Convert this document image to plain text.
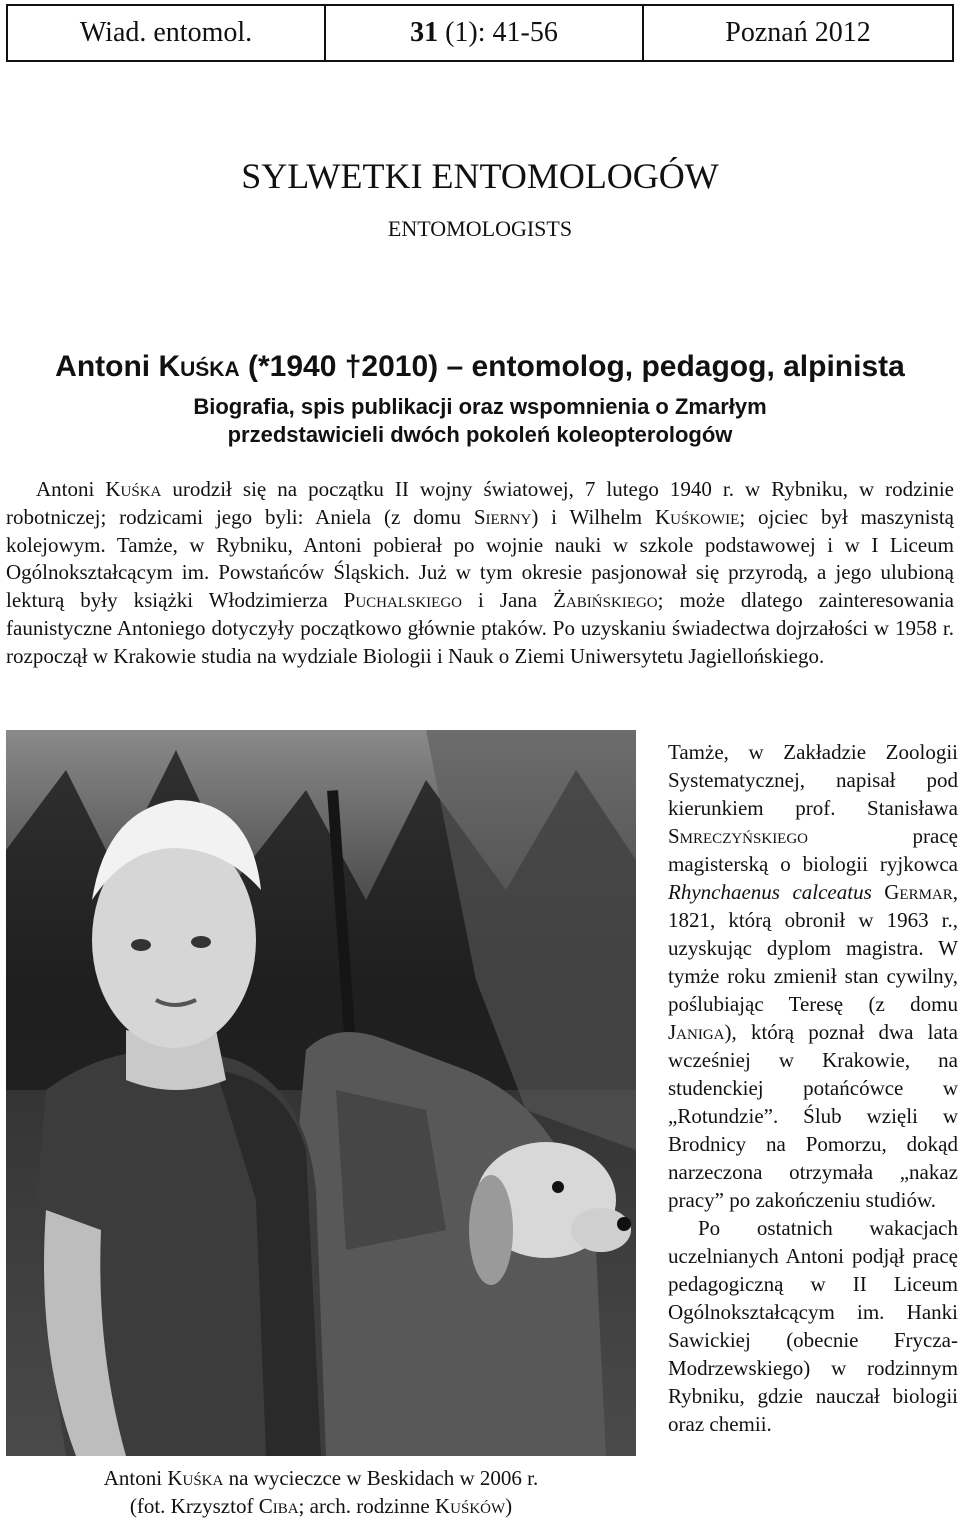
Wiad. entomol.	31
(1): 41-56	Poznań 2012
SYLWETKI ENTOMOLOGÓW
ENTOMOLOGISTS
Antoni Kuśka (*1940 †2010) – entomolog, pedagog, alpinista
Biografia, spis publikacji oraz wspomnienia o Zmarłym
przedstawicieli dwóch pokoleń koleopterologów

Antoni Kuśka urodził się na początku II wojny światowej, 7 lutego 1940 r. w Rybniku, w rodzinie robotniczej; rodzicami jego byli: Aniela (z domu Sierny) i Wilhelm Kuśkowie; ojciec był maszynistą kolejowym. Tamże, w Rybniku, Antoni pobierał po wojnie nauki w szkole podstawowej i w I Liceum Ogólnokształcącym im. Powstańców Śląskich. Już w tym okresie pasjonował się przyrodą, a jego ulubioną lekturą były książki Włodzimierza Puchalskiego i Jana Żabińskiego; może dlatego zainteresowania faunistyczne Antoniego dotyczyły początkowo głównie ptaków. Po uzyskaniu świadectwa dojrzałości w 1958 r. rozpoczął w Krakowie studia na wydziale Biologii i Nauk o Ziemi Uniwersytetu Jagiellońskiego.

Antoni Kuśka na wycieczce w Beskidach w 2006 r.
(fot. Krzysztof Ciba; arch. rodzinne Kuśków)

Tamże, w Zakładzie Zoologii Systematycznej, napisał pod kierunkiem prof. Stanisława Smreczyńskiego pracę magisterską o biologii ryjkowca Rhynchaenus calceatus Germar, 1821, którą obronił w 1963 r., uzyskując dyplom magistra. W tymże roku zmienił stan cywilny, poślubiając Teresę (z domu Janiga), którą poznał dwa lata wcześniej w Krakowie, na studenckiej potańcówce w „Rotundzie”. Ślub wzięli w Brodnicy na Pomorzu, dokąd narzeczona otrzymała „nakaz pracy” po zakończeniu studiów.

Po ostatnich wakacjach uczelnianych Antoni podjął pracę pedagogiczną w II Liceum Ogólnokształcącym im. Hanki Sawickiej (obecnie Frycza-Modrzewskiego) w rodzinnym Rybniku, gdzie nauczał biologii oraz chemii.
